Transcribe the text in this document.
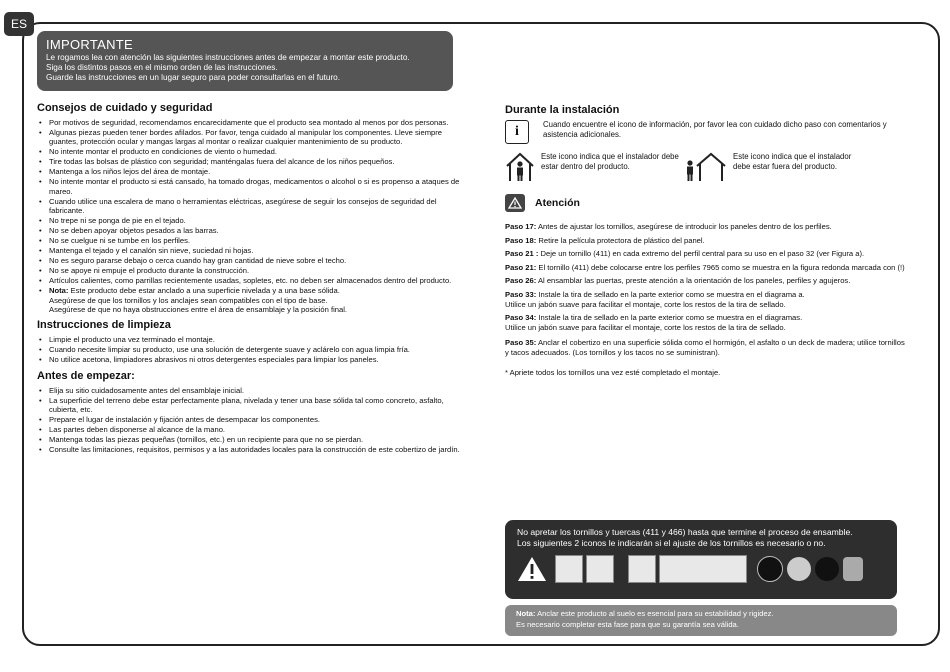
ES
IMPORTANTE
Le rogamos lea con atención las siguientes instrucciones antes de empezar a montar este producto.
Siga los distintos pasos en el mismo orden de las instrucciones.
Guarde las instrucciones en un lugar seguro para poder consultarlas en el futuro.
Consejos de cuidado y seguridad
• Por motivos de seguridad, recomendamos encarecidamente que el producto sea montado al menos por dos personas.
• Algunas piezas pueden tener bordes afilados. Por favor, tenga cuidado al manipular los componentes. Lleve siempre guantes, protección ocular y mangas largas al montar o realizar cualquier mantenimiento de su producto.
• No intente montar el producto en condiciones de viento o humedad.
• Tire todas las bolsas de plástico con seguridad; manténgalas fuera del alcance de los niños pequeños.
• Mantenga a los niños lejos del área de montaje.
• No intente montar el producto si está cansado, ha tomado drogas, medicamentos o alcohol o si es propenso a ataques de mareo.
• Cuando utilice una escalera de mano o herramientas eléctricas, asegúrese de seguir los consejos de seguridad del fabricante.
• No trepe ni se ponga de pie en el tejado.
• No se deben apoyar objetos pesados a las barras.
• No se cuelgue ni se tumbe en los perfiles.
• Mantenga el tejado y el canalón sin nieve, suciedad ni hojas.
• No es seguro pararse debajo o cerca cuando hay gran cantidad de nieve sobre el techo.
• No se apoye ni empuje el producto durante la construcción.
• Artículos calientes, como parrillas recientemente usadas, sopletes, etc. no deben ser almacenados dentro del producto.
• Nota: Este producto debe estar anclado a una superficie nivelada y a una base sólida.
Asegúrese de que los tornillos y los anclajes sean compatibles con el tipo de base.
Asegúrese de que no haya obstrucciones entre el área de ensamblaje y la posición final.
Instrucciones de limpieza
• Limpie el producto una vez terminado el montaje.
• Cuando necesite limpiar su producto, use una solución de detergente suave y aclárelo con agua limpia fría.
• No utilice acetona, limpiadores abrasivos ni otros detergentes especiales para limpiar los paneles.
Antes de empezar:
• Elija su sitio cuidadosamente antes del ensamblaje inicial.
• La superficie del terreno debe estar perfectamente plana, nivelada y tener una base sólida tal como concreto, asfalto, cubierta, etc.
• Prepare el lugar de instalación y fijación antes de desempacar los componentes.
• Las partes deben disponerse al alcance de la mano.
• Mantenga todas las piezas pequeñas (tornillos, etc.) en un recipiente para que no se pierdan.
• Consulte las limitaciones, requisitos, permisos y a las autoridades locales para la construcción de este cobertizo de jardín.
Durante la instalación
i	Cuando encuentre el icono de información, por favor lea con cuidado dicho paso con comentarios y asistencia adicionales.
Este icono indica que el instalador debe estar dentro del producto.
Este icono indica que el instalador debe estar fuera del producto.
Atención
Paso 17: Antes de ajustar los tornillos, asegúrese de introducir los paneles dentro de los perfiles.
Paso 18: Retire la película protectora de plástico del panel.
Paso 21 : Deje un tornillo (411) en cada extremo del perfil central para su uso en el paso 32 (ver Figura a).
Paso 21: El tornillo (411) debe colocarse entre los perfiles 7965 como se muestra en la figura redonda marcada con (!)
Paso 26: Al ensamblar las puertas, preste atención a la orientación de los paneles, perfiles y agujeros.
Paso 33: Instale la tira de sellado en la parte exterior como se muestra en el diagrama a.
Utilice un jabón suave para facilitar el montaje, corte los restos de la tira de sellado.
Paso 34: Instale la tira de sellado en la parte exterior como se muestra en el diagramas.
Utilice un jabón suave para facilitar el montaje, corte los restos de la tira de sellado.
Paso 35: Anclar el cobertizo en una superficie sólida como el hormigón, el asfalto o un deck de madera; utilice tornillos y tacos adecuados. (Los tornillos y los tacos no se suministran).
* Apriete todos los tornillos una vez esté completado el montaje.
No apretar los tornillos y tuercas (411 y 466) hasta que termine el proceso de ensamble.
Los siguientes 2 iconos le indicarán si el ajuste de los tornillos es necesario o no.
Nota: Anclar este producto al suelo es esencial para su estabilidad y rigidez.
Es necesario completar esta fase para que su garantía sea válida.
